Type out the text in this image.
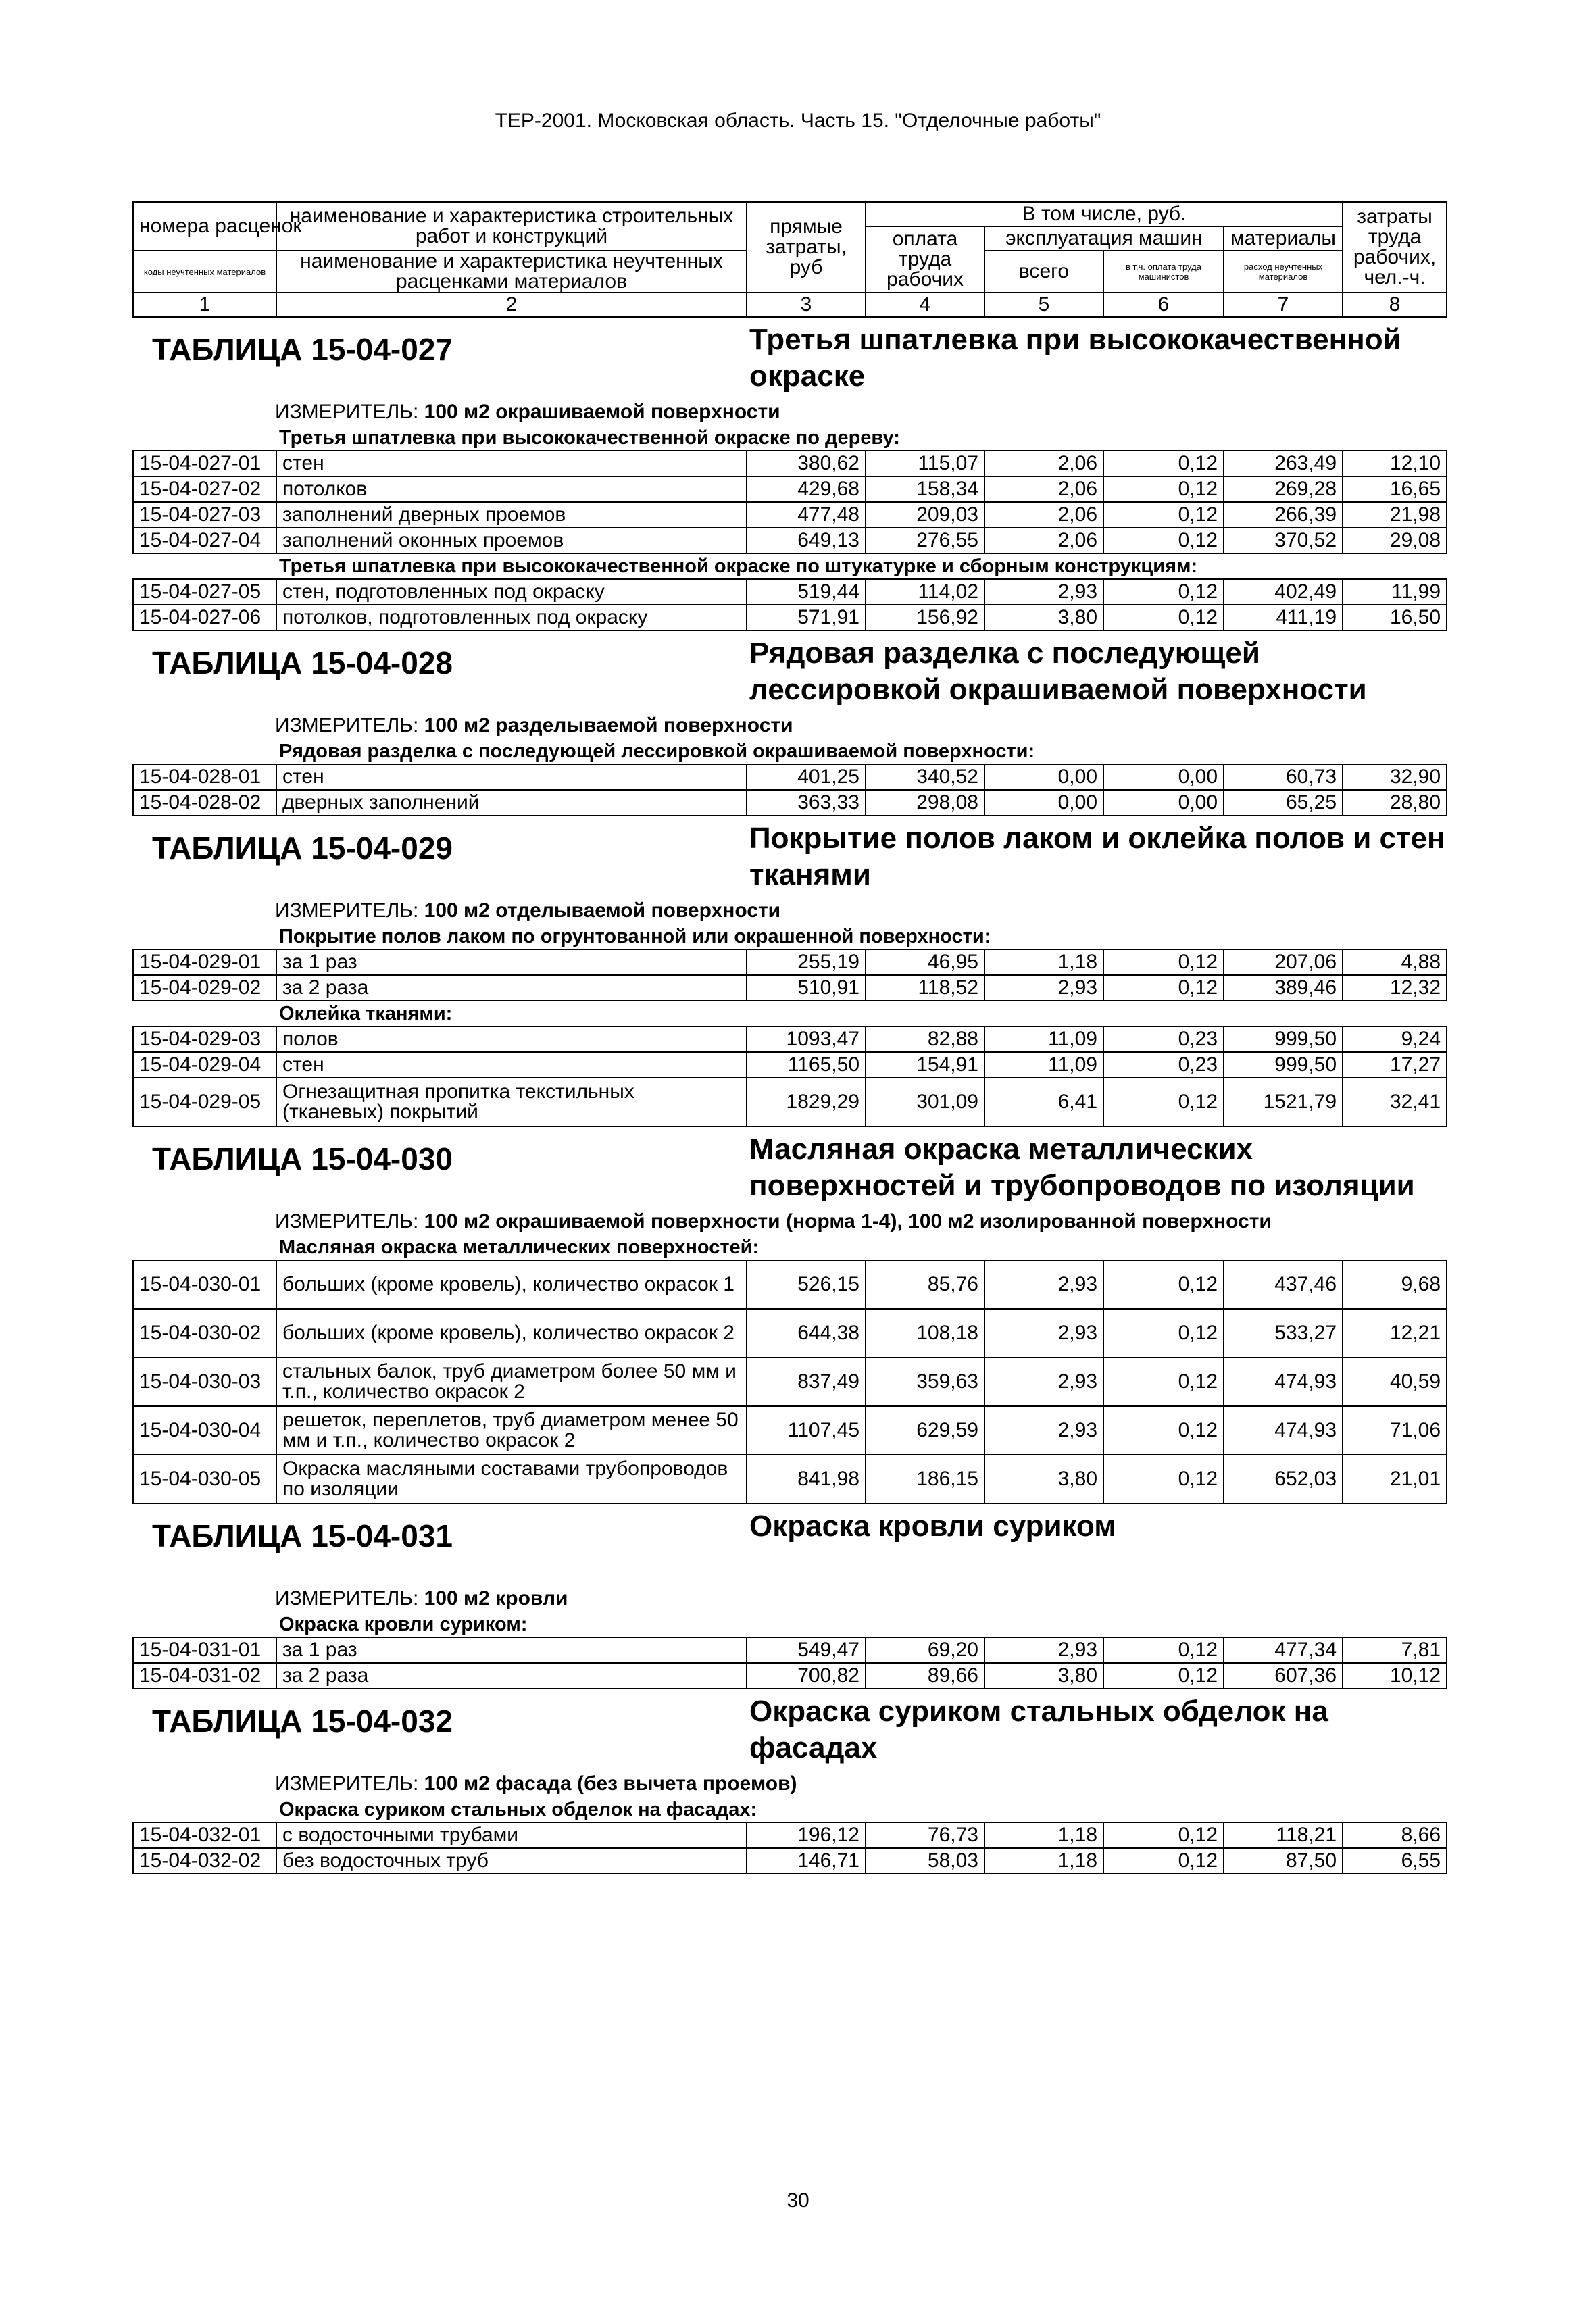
ТЕР-2001. Московская область. Часть 15. "Отделочные работы"
номера расценок	наименование и характеристика строительных работ и конструкций	прямые затраты, руб	В том числе, руб.				затраты труда рабочих, чел.-ч.
			оплата труда рабочих	эксплуатация машин		материалы	
коды неучтенных материалов	наименование и характеристика неучтенных расценками материалов			всего	в т.ч. оплата труда машинистов	расход неучтенных материалов	

1	2	3	4	5	6	7	8

ТАБЛИЦА 15-04-027 Третья шпатлевка при высококачественной окраске							

ИЗМЕРИТЕЛЬ: 100 м2 окрашиваемой поверхности							
Третья шпатлевка при высококачественной окраске по дереву:							
15-04-027-01	стен	380,62	115,07	2,06	0,12	263,49	12,10
15-04-027-02	потолков	429,68	158,34	2,06	0,12	269,28	16,65
15-04-027-03	заполнений дверных проемов	477,48	209,03	2,06	0,12	266,39	21,98
15-04-027-04	заполнений оконных проемов	649,13	276,55	2,06	0,12	370,52	29,08
Третья шпатлевка при высококачественной окраске по штукатурке и сборным конструкциям:							
15-04-027-05	стен, подготовленных под окраску	519,44	114,02	2,93	0,12	402,49	11,99
15-04-027-06	потолков, подготовленных под окраску	571,91	156,92	3,80	0,12	411,19	16,50

ТАБЛИЦА 15-04-028 Рядовая разделка с последующей лессировкой окрашиваемой поверхности							

ИЗМЕРИТЕЛЬ: 100 м2 разделываемой поверхности							
Рядовая разделка с последующей лессировкой окрашиваемой поверхности:							
15-04-028-01	стен	401,25	340,52	0,00	0,00	60,73	32,90
15-04-028-02	дверных заполнений	363,33	298,08	0,00	0,00	65,25	28,80

ТАБЛИЦА 15-04-029 Покрытие полов лаком и оклейка полов и стен тканями							

ИЗМЕРИТЕЛЬ: 100 м2 отделываемой поверхности							
Покрытие полов лаком по огрунтованной или окрашенной поверхности:							
15-04-029-01	за 1 раз	255,19	46,95	1,18	0,12	207,06	4,88
15-04-029-02	за 2 раза	510,91	118,52	2,93	0,12	389,46	12,32
Оклейка тканями:							
15-04-029-03	полов	1093,47	82,88	11,09	0,23	999,50	9,24
15-04-029-04	стен	1165,50	154,91	11,09	0,23	999,50	17,27
15-04-029-05	Огнезащитная пропитка текстильных (тканевых) покрытий	1829,29	301,09	6,41	0,12	1521,79	32,41

ТАБЛИЦА 15-04-030 Масляная окраска металлических поверхностей и трубопроводов по изоляции							

ИЗМЕРИТЕЛЬ: 100 м2 окрашиваемой поверхности (норма 1-4), 100 м2 изолированной поверхности							
Масляная окраска металлических поверхностей:							
15-04-030-01	больших (кроме кровель), количество окрасок 1	526,15	85,76	2,93	0,12	437,46	9,68
15-04-030-02	больших (кроме кровель), количество окрасок 2	644,38	108,18	2,93	0,12	533,27	12,21
15-04-030-03	стальных балок, труб диаметром более 50 мм и т.п., количество окрасок 2	837,49	359,63	2,93	0,12	474,93	40,59
15-04-030-04	решеток, переплетов, труб диаметром менее 50 мм и т.п., количество окрасок 2	1107,45	629,59	2,93	0,12	474,93	71,06
15-04-030-05	Окраска масляными составами трубопроводов по изоляции	841,98	186,15	3,80	0,12	652,03	21,01

ТАБЛИЦА 15-04-031 Окраска кровли суриком							

ИЗМЕРИТЕЛЬ: 100 м2 кровли							
Окраска кровли суриком:							
15-04-031-01	за 1 раз	549,47	69,20	2,93	0,12	477,34	7,81
15-04-031-02	за 2 раза	700,82	89,66	3,80	0,12	607,36	10,12

ТАБЛИЦА 15-04-032 Окраска суриком стальных обделок на фасадах							

ИЗМЕРИТЕЛЬ: 100 м2 фасада (без вычета проемов)							
Окраска суриком стальных обделок на фасадах:							
15-04-032-01	с водосточными трубами	196,12	76,73	1,18	0,12	118,21	8,66
15-04-032-02	без водосточных труб	146,71	58,03	1,18	0,12	87,50	6,55
30
